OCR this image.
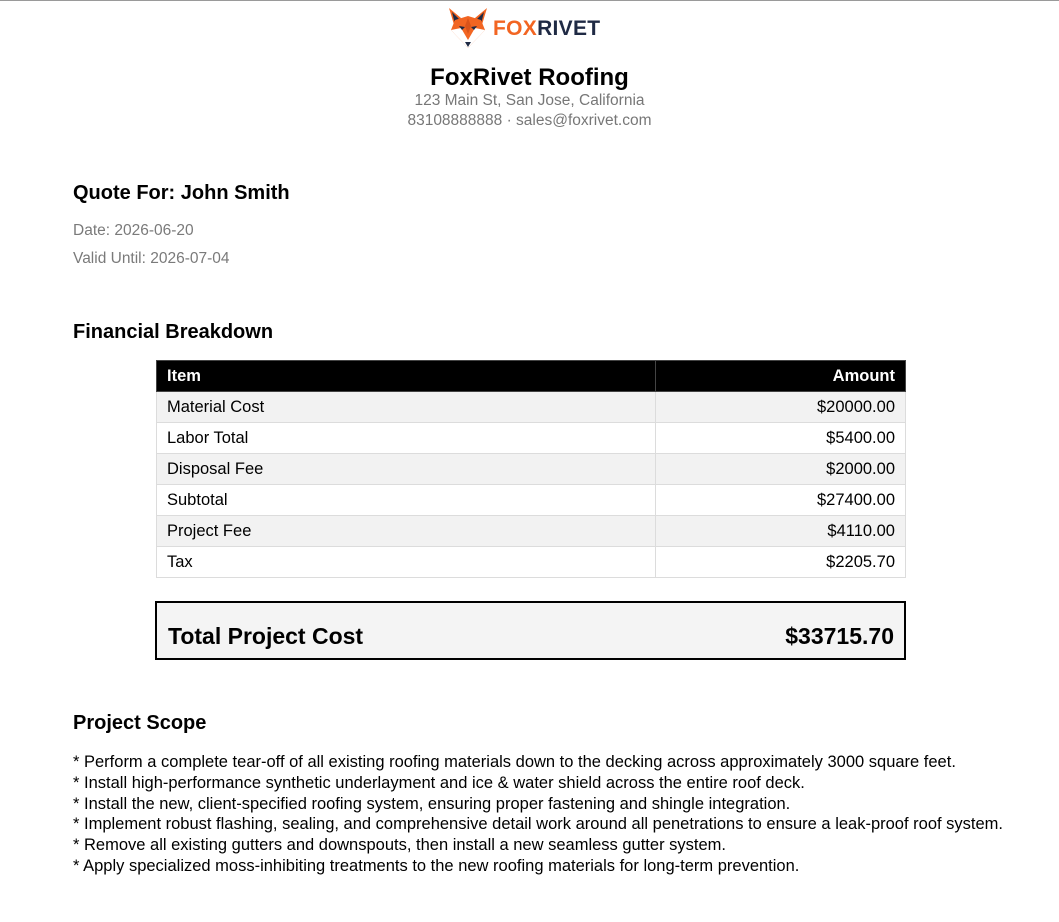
FOXRIVET
FoxRivet Roofing
123 Main St, San Jose, California
83108888888 · sales@foxrivet.com
Quote For: John Smith
Date: 2026-06-20
Valid Until: 2026-07-04
Financial Breakdown
Item	Amount
Material Cost	$20000.00
Labor Total	$5400.00
Disposal Fee	$2000.00
Subtotal	$27400.00
Project Fee	$4110.00
Tax	$2205.70
Total Project Cost	$33715.70
Project Scope
* Perform a complete tear-off of all existing roofing materials down to the decking across approximately 3000 square feet.
* Install high-performance synthetic underlayment and ice & water shield across the entire roof deck.
* Install the new, client-specified roofing system, ensuring proper fastening and shingle integration.
* Implement robust flashing, sealing, and comprehensive detail work around all penetrations to ensure a leak-proof roof system.
* Remove all existing gutters and downspouts, then install a new seamless gutter system.
* Apply specialized moss-inhibiting treatments to the new roofing materials for long-term prevention.
